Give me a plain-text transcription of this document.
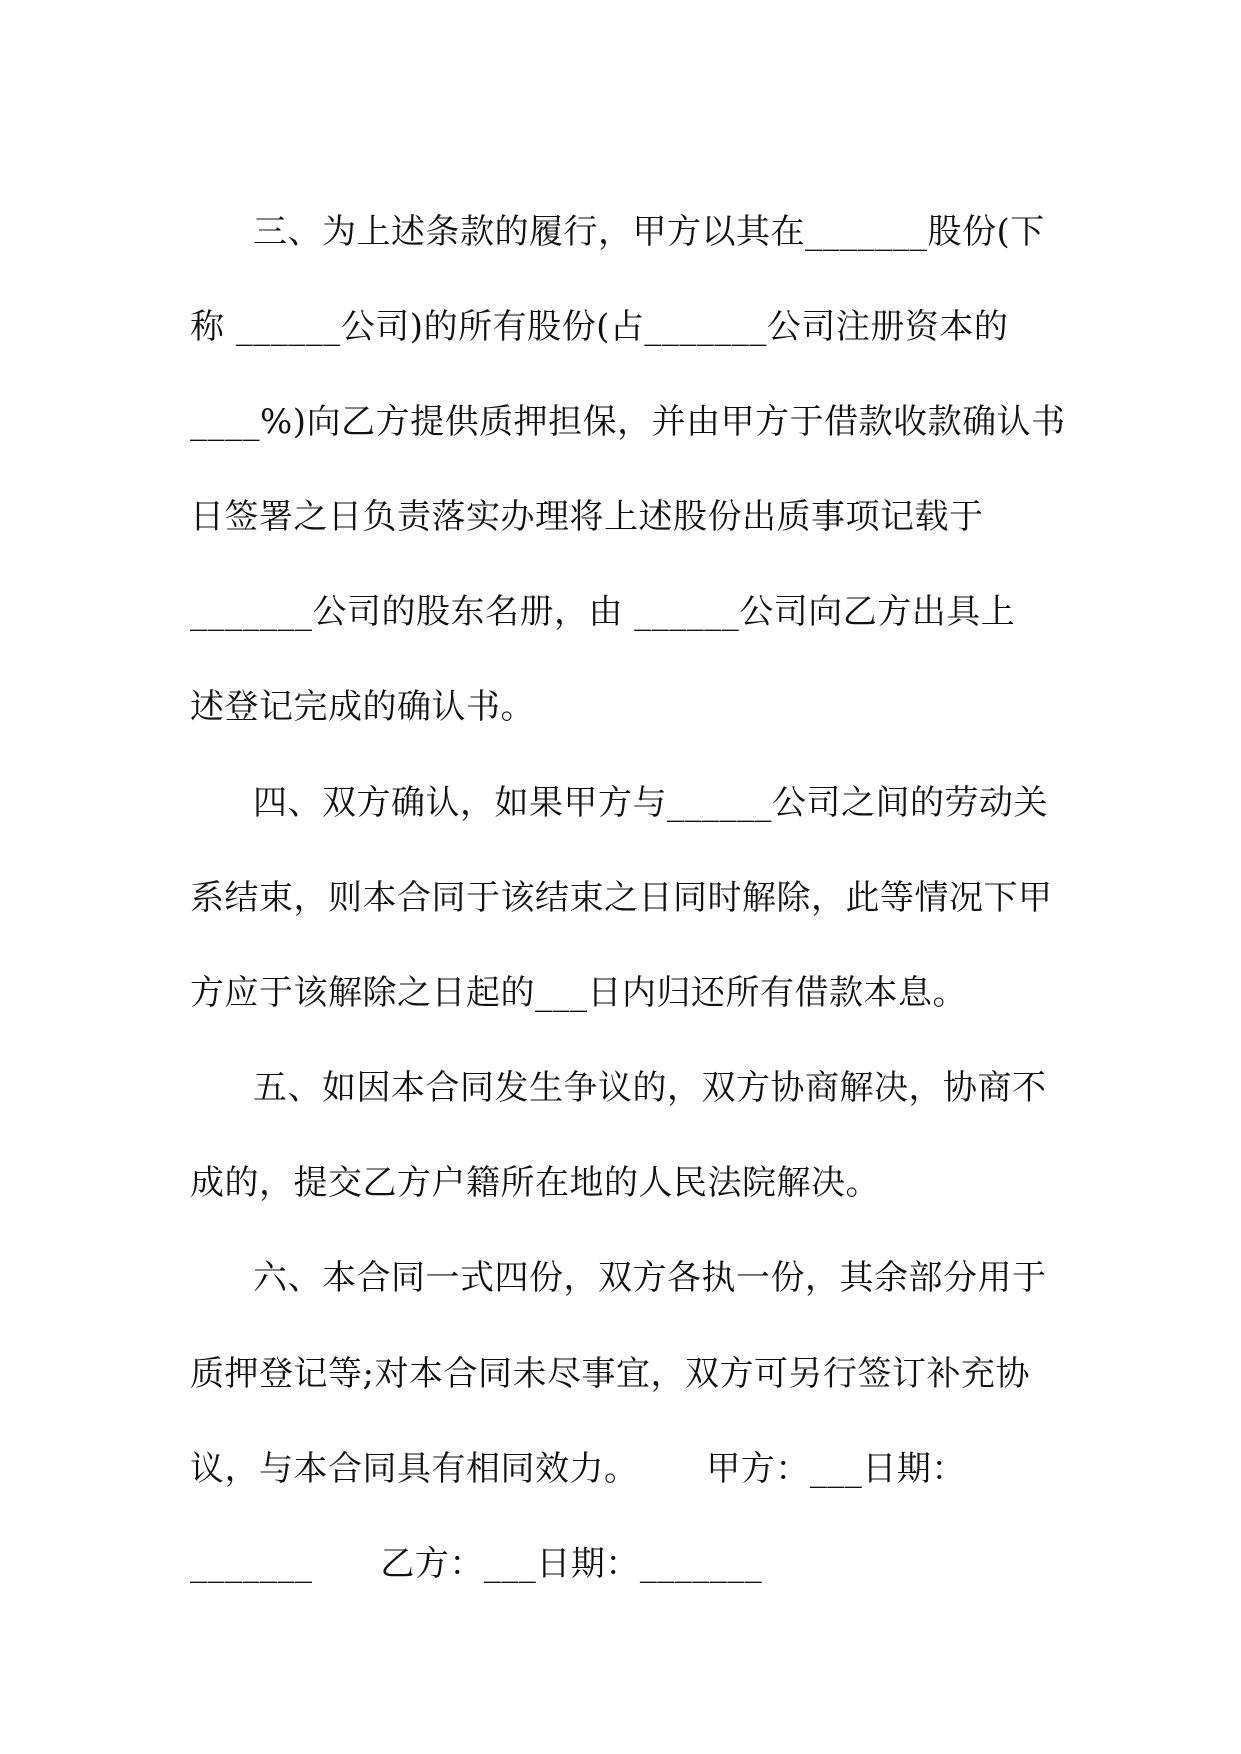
三、为上述条款的履行，甲方以其在_______股份(下

称 ______公司)的所有股份(占_______公司注册资本的

____%)向乙方提供质押担保，并由甲方于借款收款确认书

日签署之日负责落实办理将上述股份出质事项记载于

_______公司的股东名册，由 ______公司向乙方出具上

述登记完成的确认书。

四、双方确认，如果甲方与______公司之间的劳动关

系结束，则本合同于该结束之日同时解除，此等情况下甲

方应于该解除之日起的___日内归还所有借款本息。

五、如因本合同发生争议的，双方协商解决，协商不

成的，提交乙方户籍所在地的人民法院解决。

六、本合同一式四份，双方各执一份，其余部分用于

质押登记等;对本合同未尽事宜，双方可另行签订补充协

议，与本合同具有相同效力。      甲方：___日期：

_______      乙方：___日期：_______
